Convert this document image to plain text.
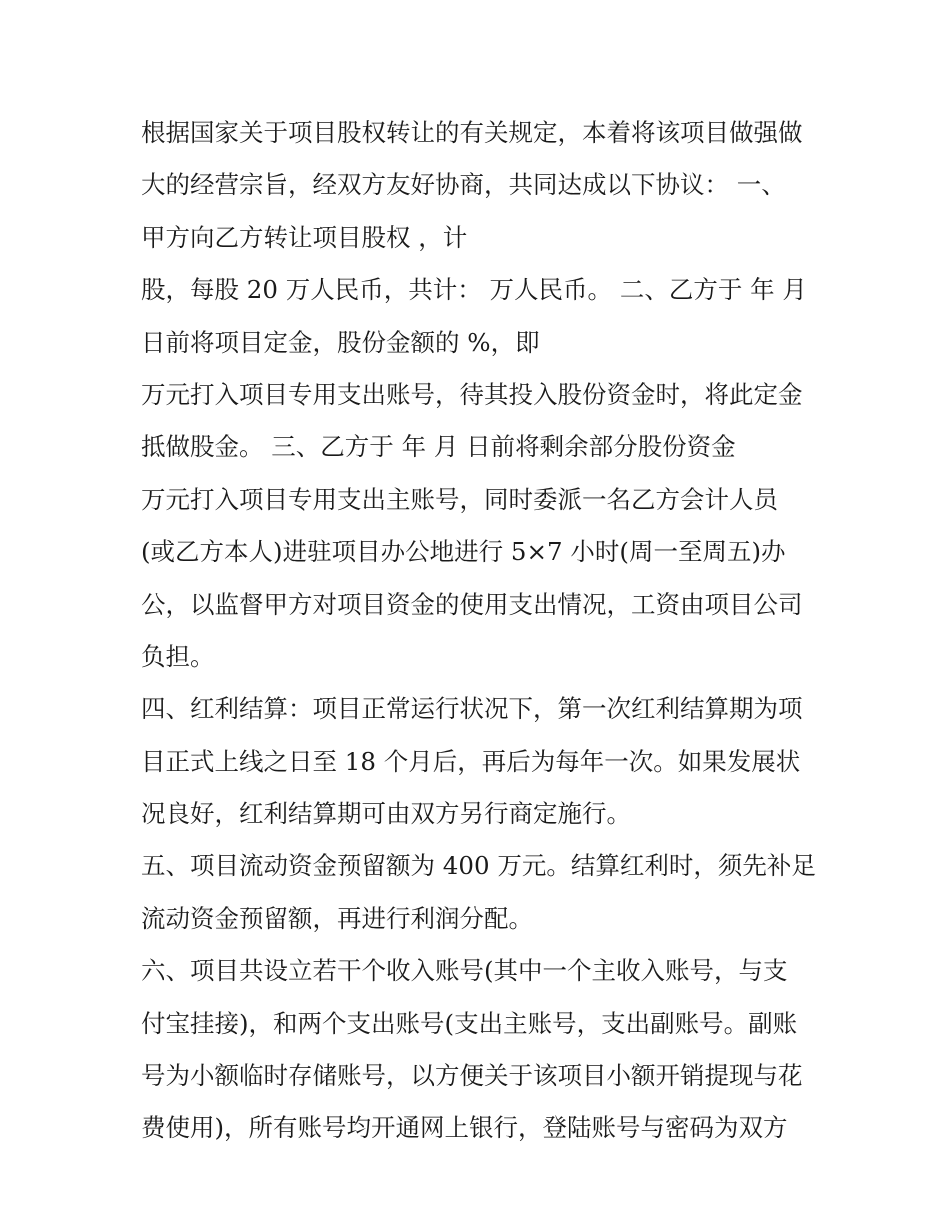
根据国家关于项目股权转让的有关规定，本着将该项目做强做
大的经营宗旨，经双方友好协商，共同达成以下协议： 一、
甲方向乙方转让项目股权 ，计
股，每股 20 万人民币，共计： 万人民币。 二、乙方于 年 月
日前将项目定金，股份金额的 %，即
万元打入项目专用支出账号，待其投入股份资金时，将此定金
抵做股金。 三、乙方于 年 月 日前将剩余部分股份资金
万元打入项目专用支出主账号，同时委派一名乙方会计人员
(或乙方本人)进驻项目办公地进行 5×7 小时(周一至周五)办
公，以监督甲方对项目资金的使用支出情况，工资由项目公司
负担。
四、红利结算：项目正常运行状况下，第一次红利结算期为项
目正式上线之日至 18 个月后，再后为每年一次。如果发展状
况良好，红利结算期可由双方另行商定施行。
五、项目流动资金预留额为 400 万元。结算红利时，须先补足
流动资金预留额，再进行利润分配。
六、项目共设立若干个收入账号(其中一个主收入账号，与支
付宝挂接)，和两个支出账号(支出主账号，支出副账号。副账
号为小额临时存储账号，以方便关于该项目小额开销提现与花
费使用)，所有账号均开通网上银行，登陆账号与密码为双方
